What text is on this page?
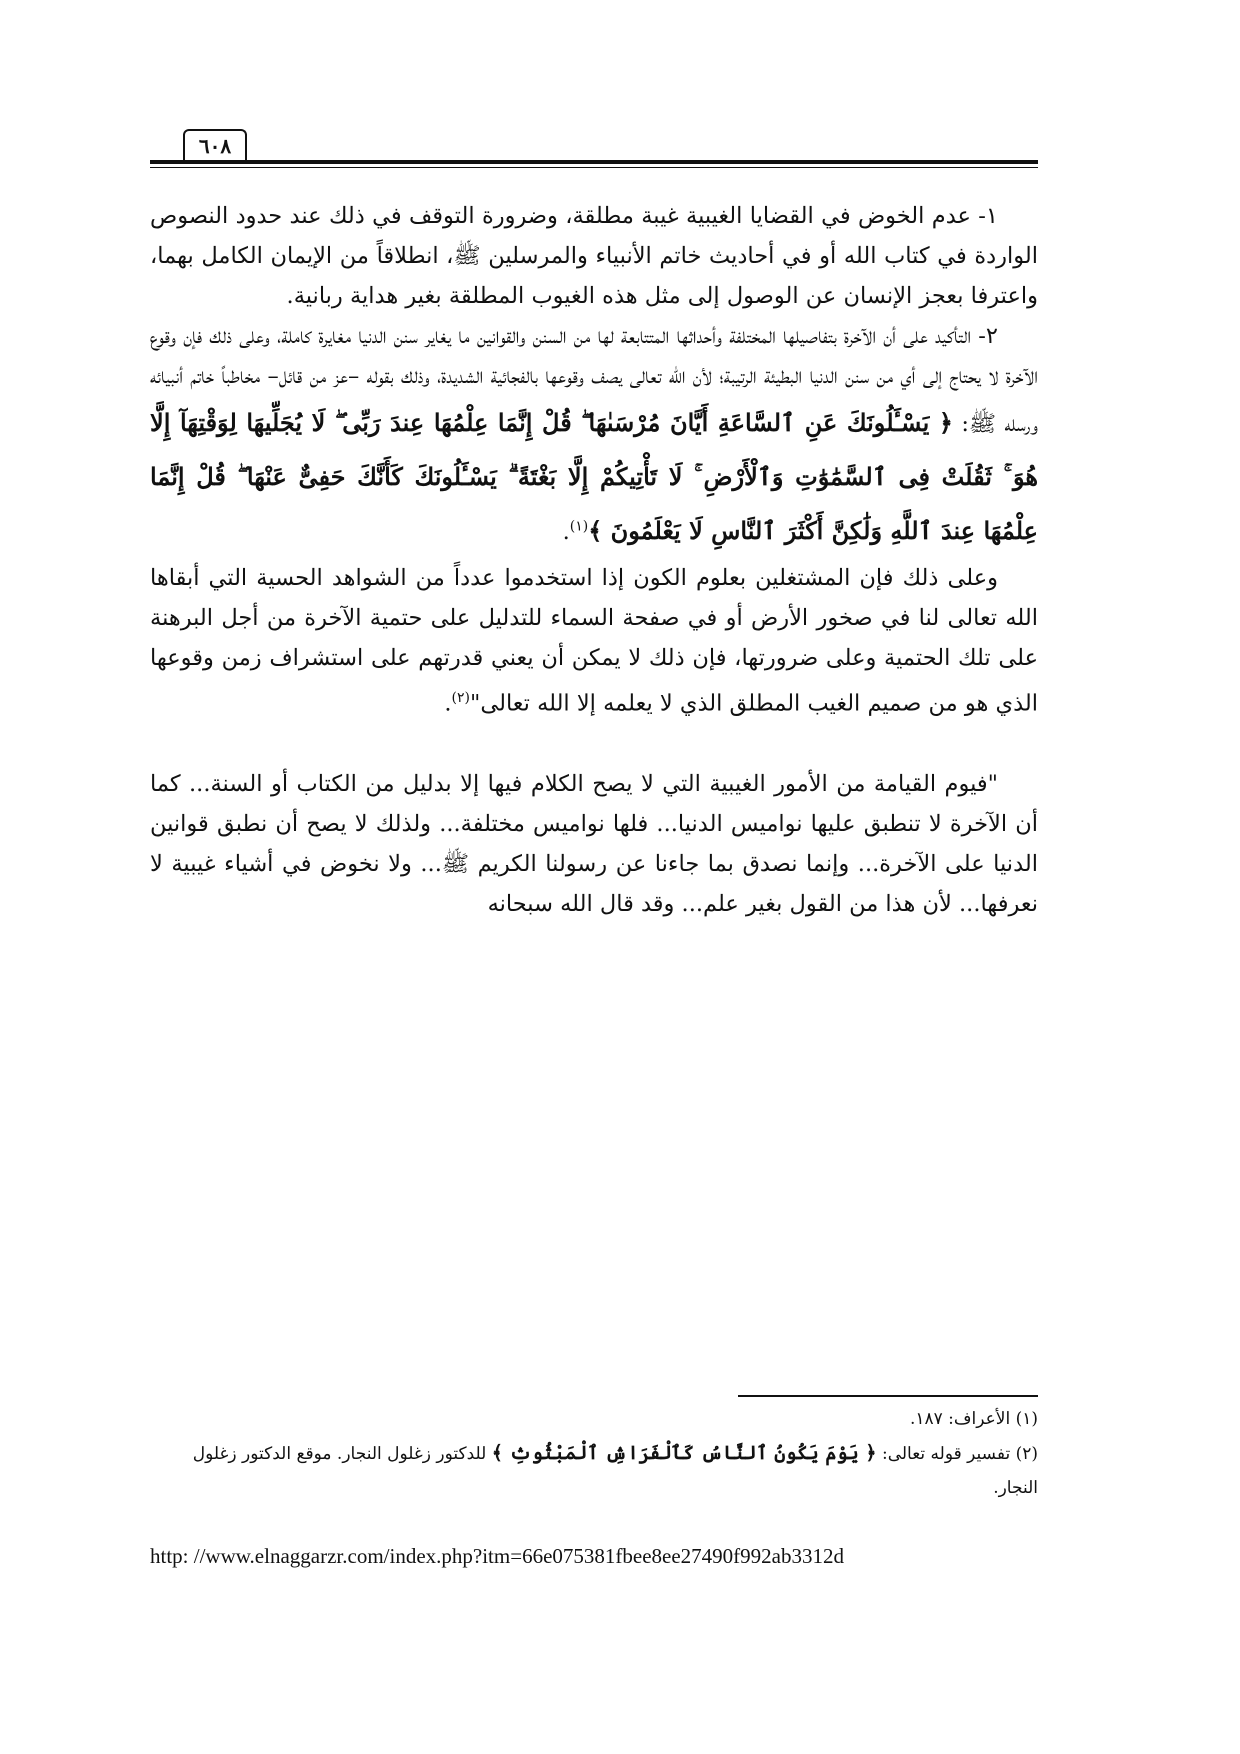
٦٠٨

١- عدم الخوض في القضايا الغيبية غيبة مطلقة، وضرورة التوقف في ذلك عند حدود النصوص الواردة في كتاب الله أو في أحاديث خاتم الأنبياء والمرسلين ﷺ، انطلاقاً من الإيمان الكامل بهما، واعترفا بعجز الإنسان عن الوصول إلى مثل هذه الغيوب المطلقة بغير هداية ربانية.

٢- التأكيد على أن الآخرة بتفاصيلها المختلفة وأحداثها المتتابعة لها من السنن والقوانين ما يغاير سنن الدنيا مغايرة كاملة، وعلى ذلك فإن وقوع الآخرة لا يحتاج إلى أي من سنن الدنيا البطيئة الرتيبة؛ لأن الله تعالى يصف وقوعها بالفجائية الشديدة، وذلك بقوله –عز من قائل– مخاطباً خاتم أنبيائه ورسله ﷺ: ﴿ يَسْـَٔلُونَكَ عَنِ ٱلسَّاعَةِ أَيَّانَ مُرْسَىٰهَا ۖ قُلْ إِنَّمَا عِلْمُهَا عِندَ رَبِّى ۖ لَا يُجَلِّيهَا لِوَقْتِهَآ إِلَّا هُوَ ۚ ثَقُلَتْ فِى ٱلسَّمَٰوَٰتِ وَٱلْأَرْضِ ۚ لَا تَأْتِيكُمْ إِلَّا بَغْتَةً ۗ يَسْـَٔلُونَكَ كَأَنَّكَ حَفِىٌّ عَنْهَا ۖ قُلْ إِنَّمَا عِلْمُهَا عِندَ ٱللَّهِ وَلَٰكِنَّ أَكْثَرَ ٱلنَّاسِ لَا يَعْلَمُونَ ﴾$^{(١)}$.

وعلى ذلك فإن المشتغلين بعلوم الكون إذا استخدموا عدداً من الشواهد الحسية التي أبقاها الله تعالى لنا في صخور الأرض أو في صفحة السماء للتدليل على حتمية الآخرة من أجل البرهنة على تلك الحتمية وعلى ضرورتها، فإن ذلك لا يمكن أن يعني قدرتهم على استشراف زمن وقوعها الذي هو من صميم الغيب المطلق الذي لا يعلمه إلا الله تعالى"$^{(٢)}$.

"فيوم القيامة من الأمور الغيبية التي لا يصح الكلام فيها إلا بدليل من الكتاب أو السنة... كما أن الآخرة لا تنطبق عليها نواميس الدنيا... فلها نواميس مختلفة... ولذلك لا يصح أن نطبق قوانين الدنيا على الآخرة... وإنما نصدق بما جاءنا عن رسولنا الكريم ﷺ... ولا نخوض في أشياء غيبية لا نعرفها... لأن هذا من القول بغير علم... وقد قال الله سبحانه

(١) الأعراف: ١٨٧.

(٢) تفسير قوله تعالى: ﴿ يَوْمَ يَكُونُ ٱلنَّاسُ كَٱلْفَرَاشِ ٱلْمَبْثُوثِ ﴾ للدكتور زغلول النجار. موقع الدكتور زغلول النجار.

http: //www.elnaggarzr.com/index.php?itm=66e075381fbee8ee27490f992ab3312d
